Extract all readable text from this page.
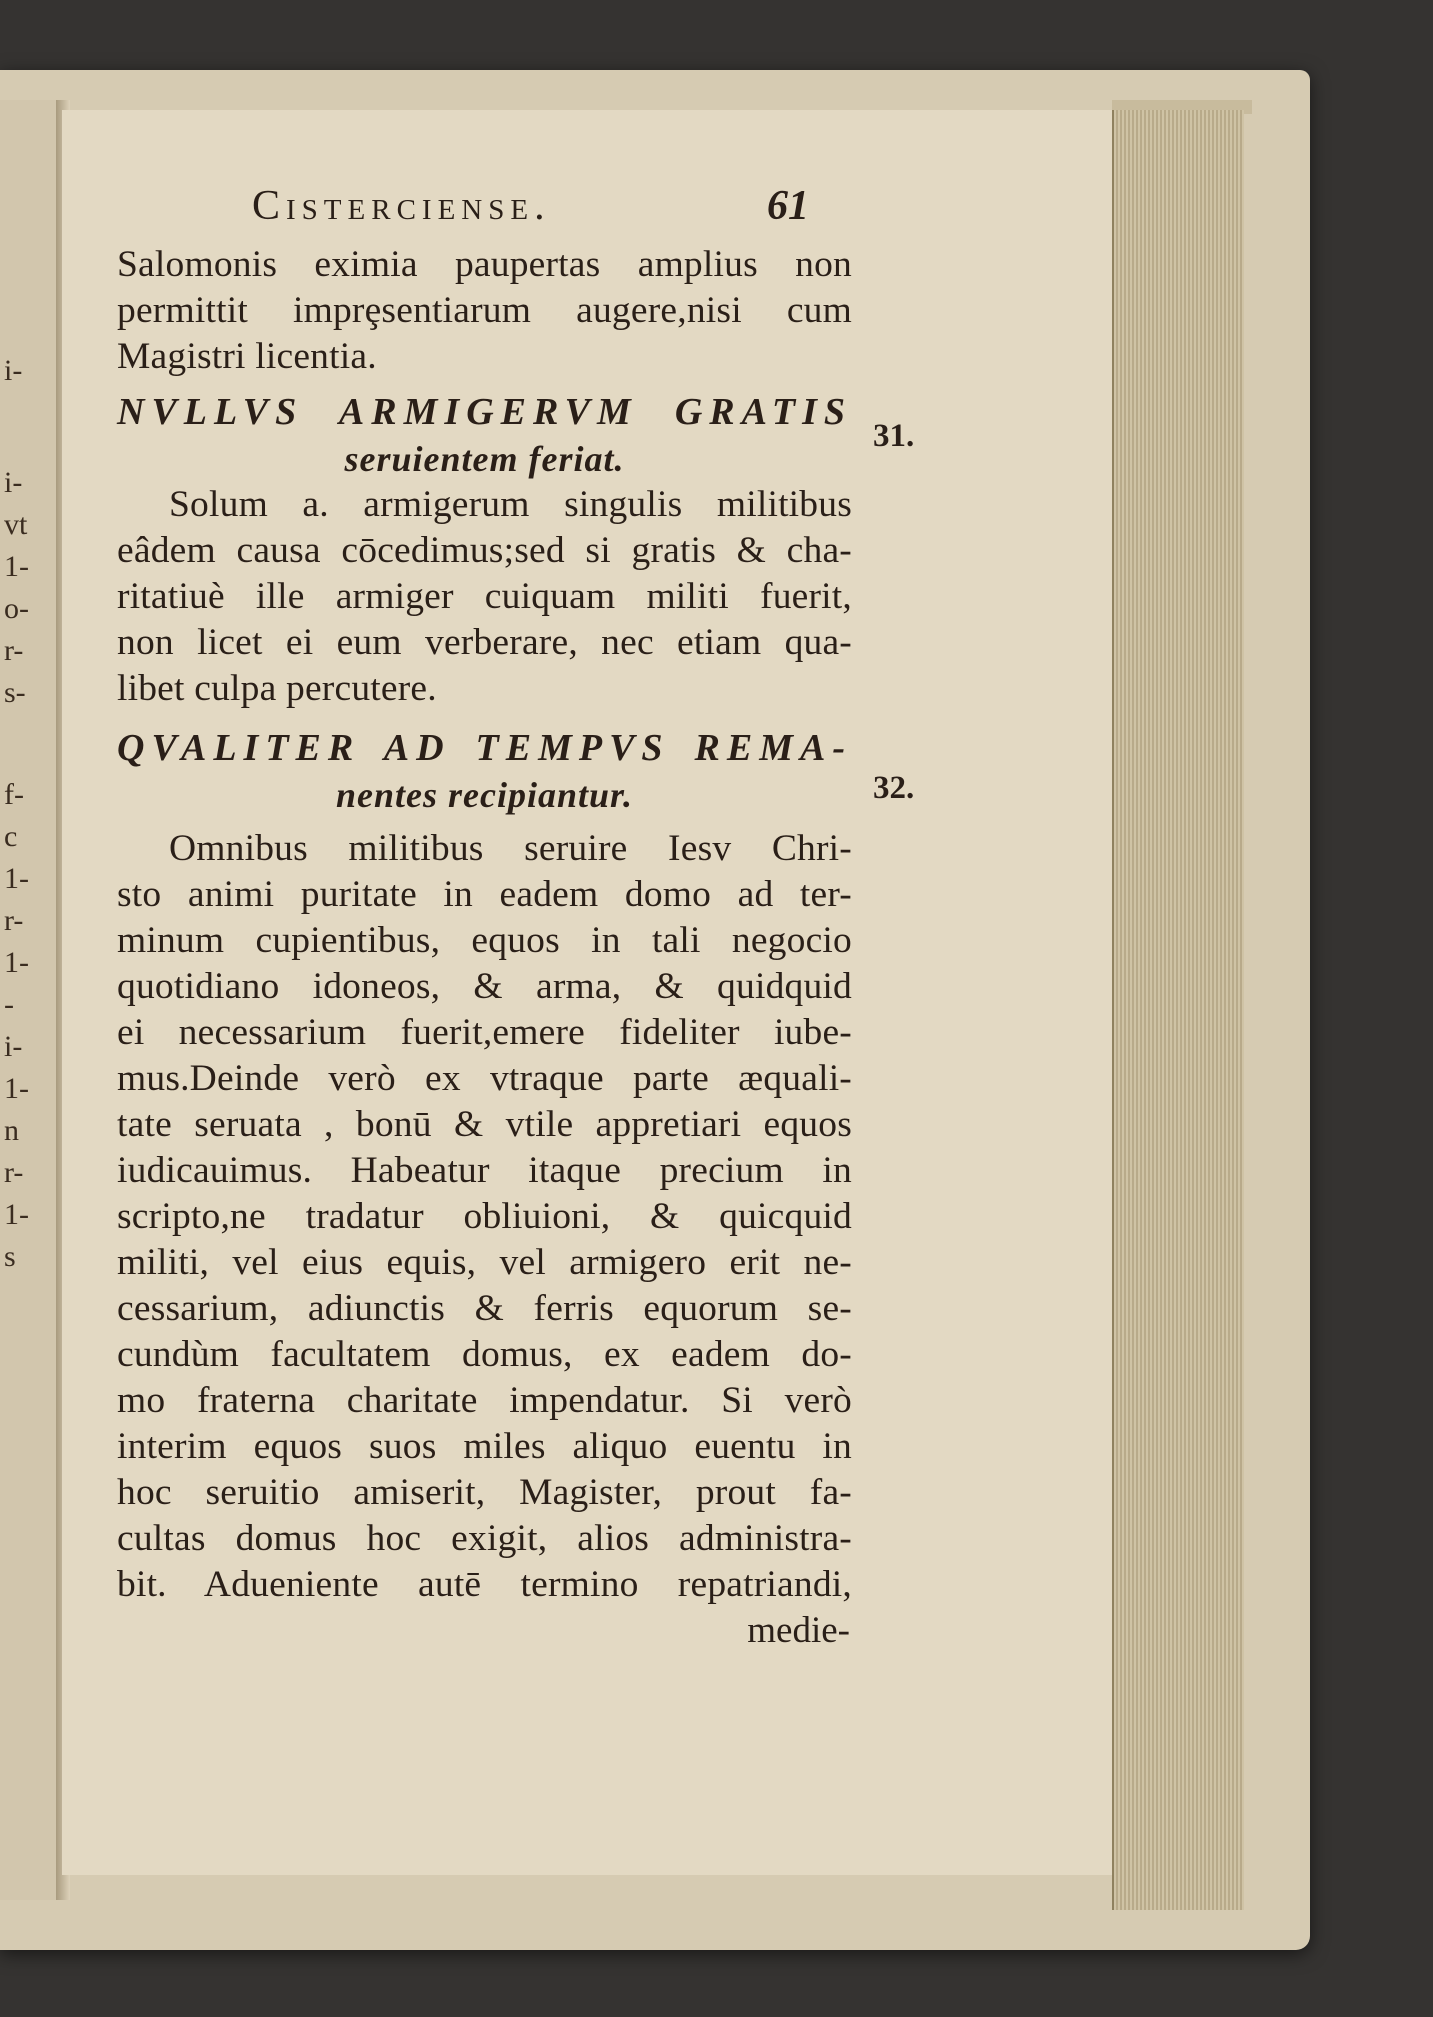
i-
i-
vt
1-
o-
r-
s-
f-
c
1-
r-
1-
-
i-
1-
n
r-
1-
s
Cisterciense.	61
Salomonis eximia paupertas amplius non
permittit imprȩsentiarum augere,nisi cum
Magistri licentia.
NVLLVS ARMIGERVM GRATIS
seruientem feriat.
Solum a. armigerum singulis militibus
eâdem causa cōcedimus;sed si gratis & cha-
ritatiuè ille armiger cuiquam militi fuerit,
non licet ei eum verberare, nec etiam qua-
libet culpa percutere.
QVALITER AD TEMPVS REMA-
nentes recipiantur.
Omnibus militibus seruire Iesv Chri-
sto animi puritate in eadem domo ad ter-
minum cupientibus, equos in tali negocio
quotidiano idoneos, & arma, & quidquid
ei necessarium fuerit,emere fideliter iube-
mus.Deinde verò ex vtraque parte æquali-
tate seruata , bonū & vtile appretiari equos
iudicauimus. Habeatur itaque precium in
scripto,ne tradatur obliuioni, & quicquid
militi, vel eius equis, vel armigero erit ne-
cessarium, adiunctis & ferris equorum se-
cundùm facultatem domus, ex eadem do-
mo fraterna charitate impendatur. Si verò
interim equos suos miles aliquo euentu in
hoc seruitio amiserit, Magister, prout fa-
cultas domus hoc exigit, alios administra-
bit. Adueniente autē termino repatriandi,
medie-
31.
32.
